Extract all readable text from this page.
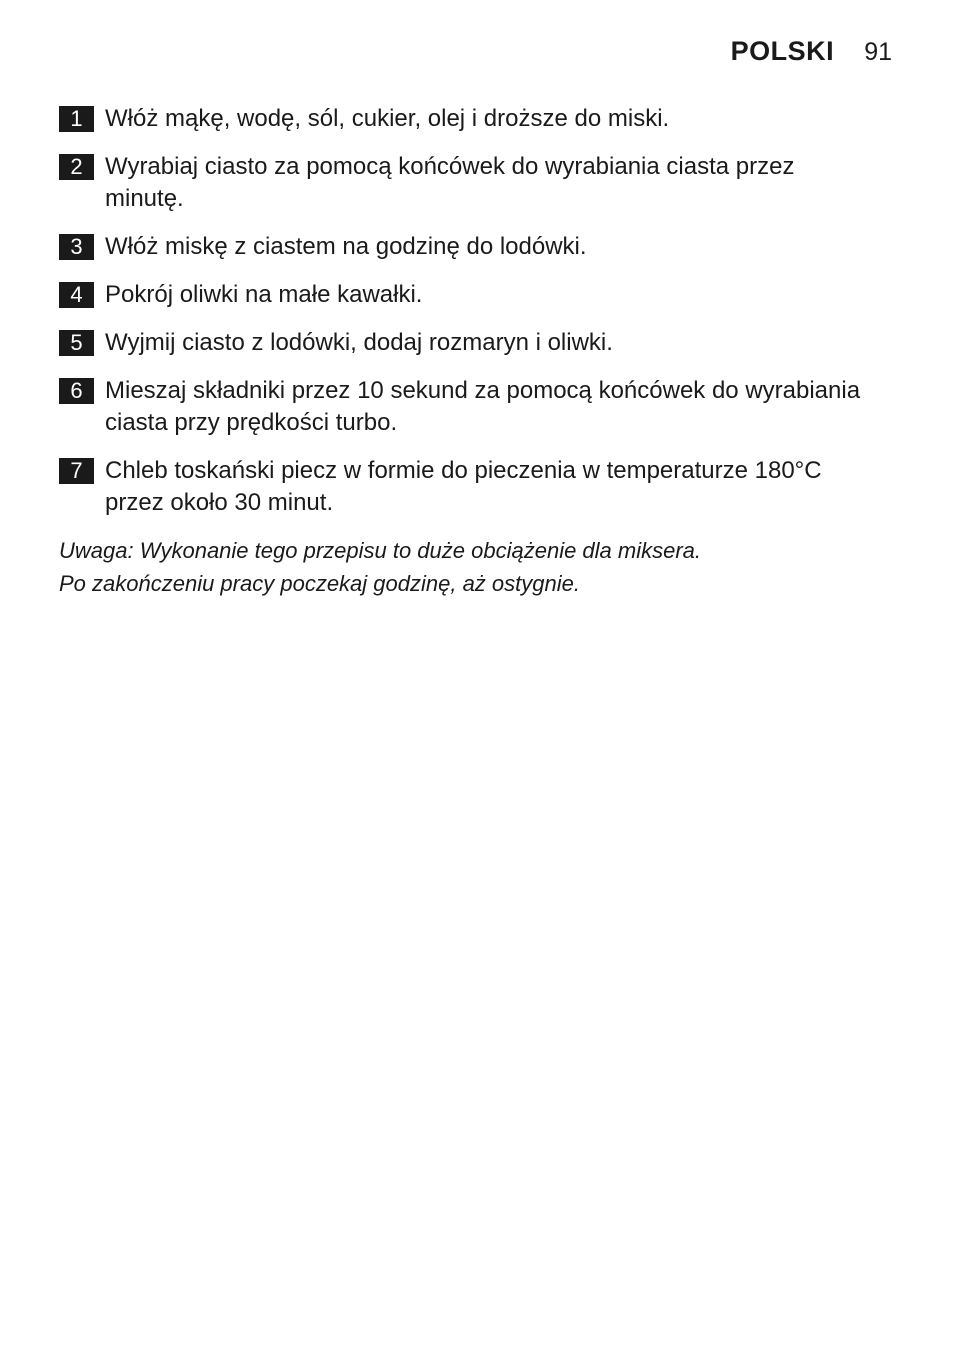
POLSKI 91
1 Włóż mąkę, wodę, sól, cukier, olej i droższe do miski.
2 Wyrabiaj ciasto za pomocą końcówek do wyrabiania ciasta przez minutę.
3 Włóż miskę z ciastem na godzinę do lodówki.
4 Pokrój oliwki na małe kawałki.
5 Wyjmij ciasto z lodówki, dodaj rozmaryn i oliwki.
6 Mieszaj składniki przez 10 sekund za pomocą końcówek do wyrabiania ciasta przy prędkości turbo.
7 Chleb toskański piecz w formie do pieczenia w temperaturze 180°C przez około 30 minut.

Uwaga: Wykonanie tego przepisu to duże obciążenie dla miksera.

Po zakończeniu pracy poczekaj godzinę, aż ostygnie.
